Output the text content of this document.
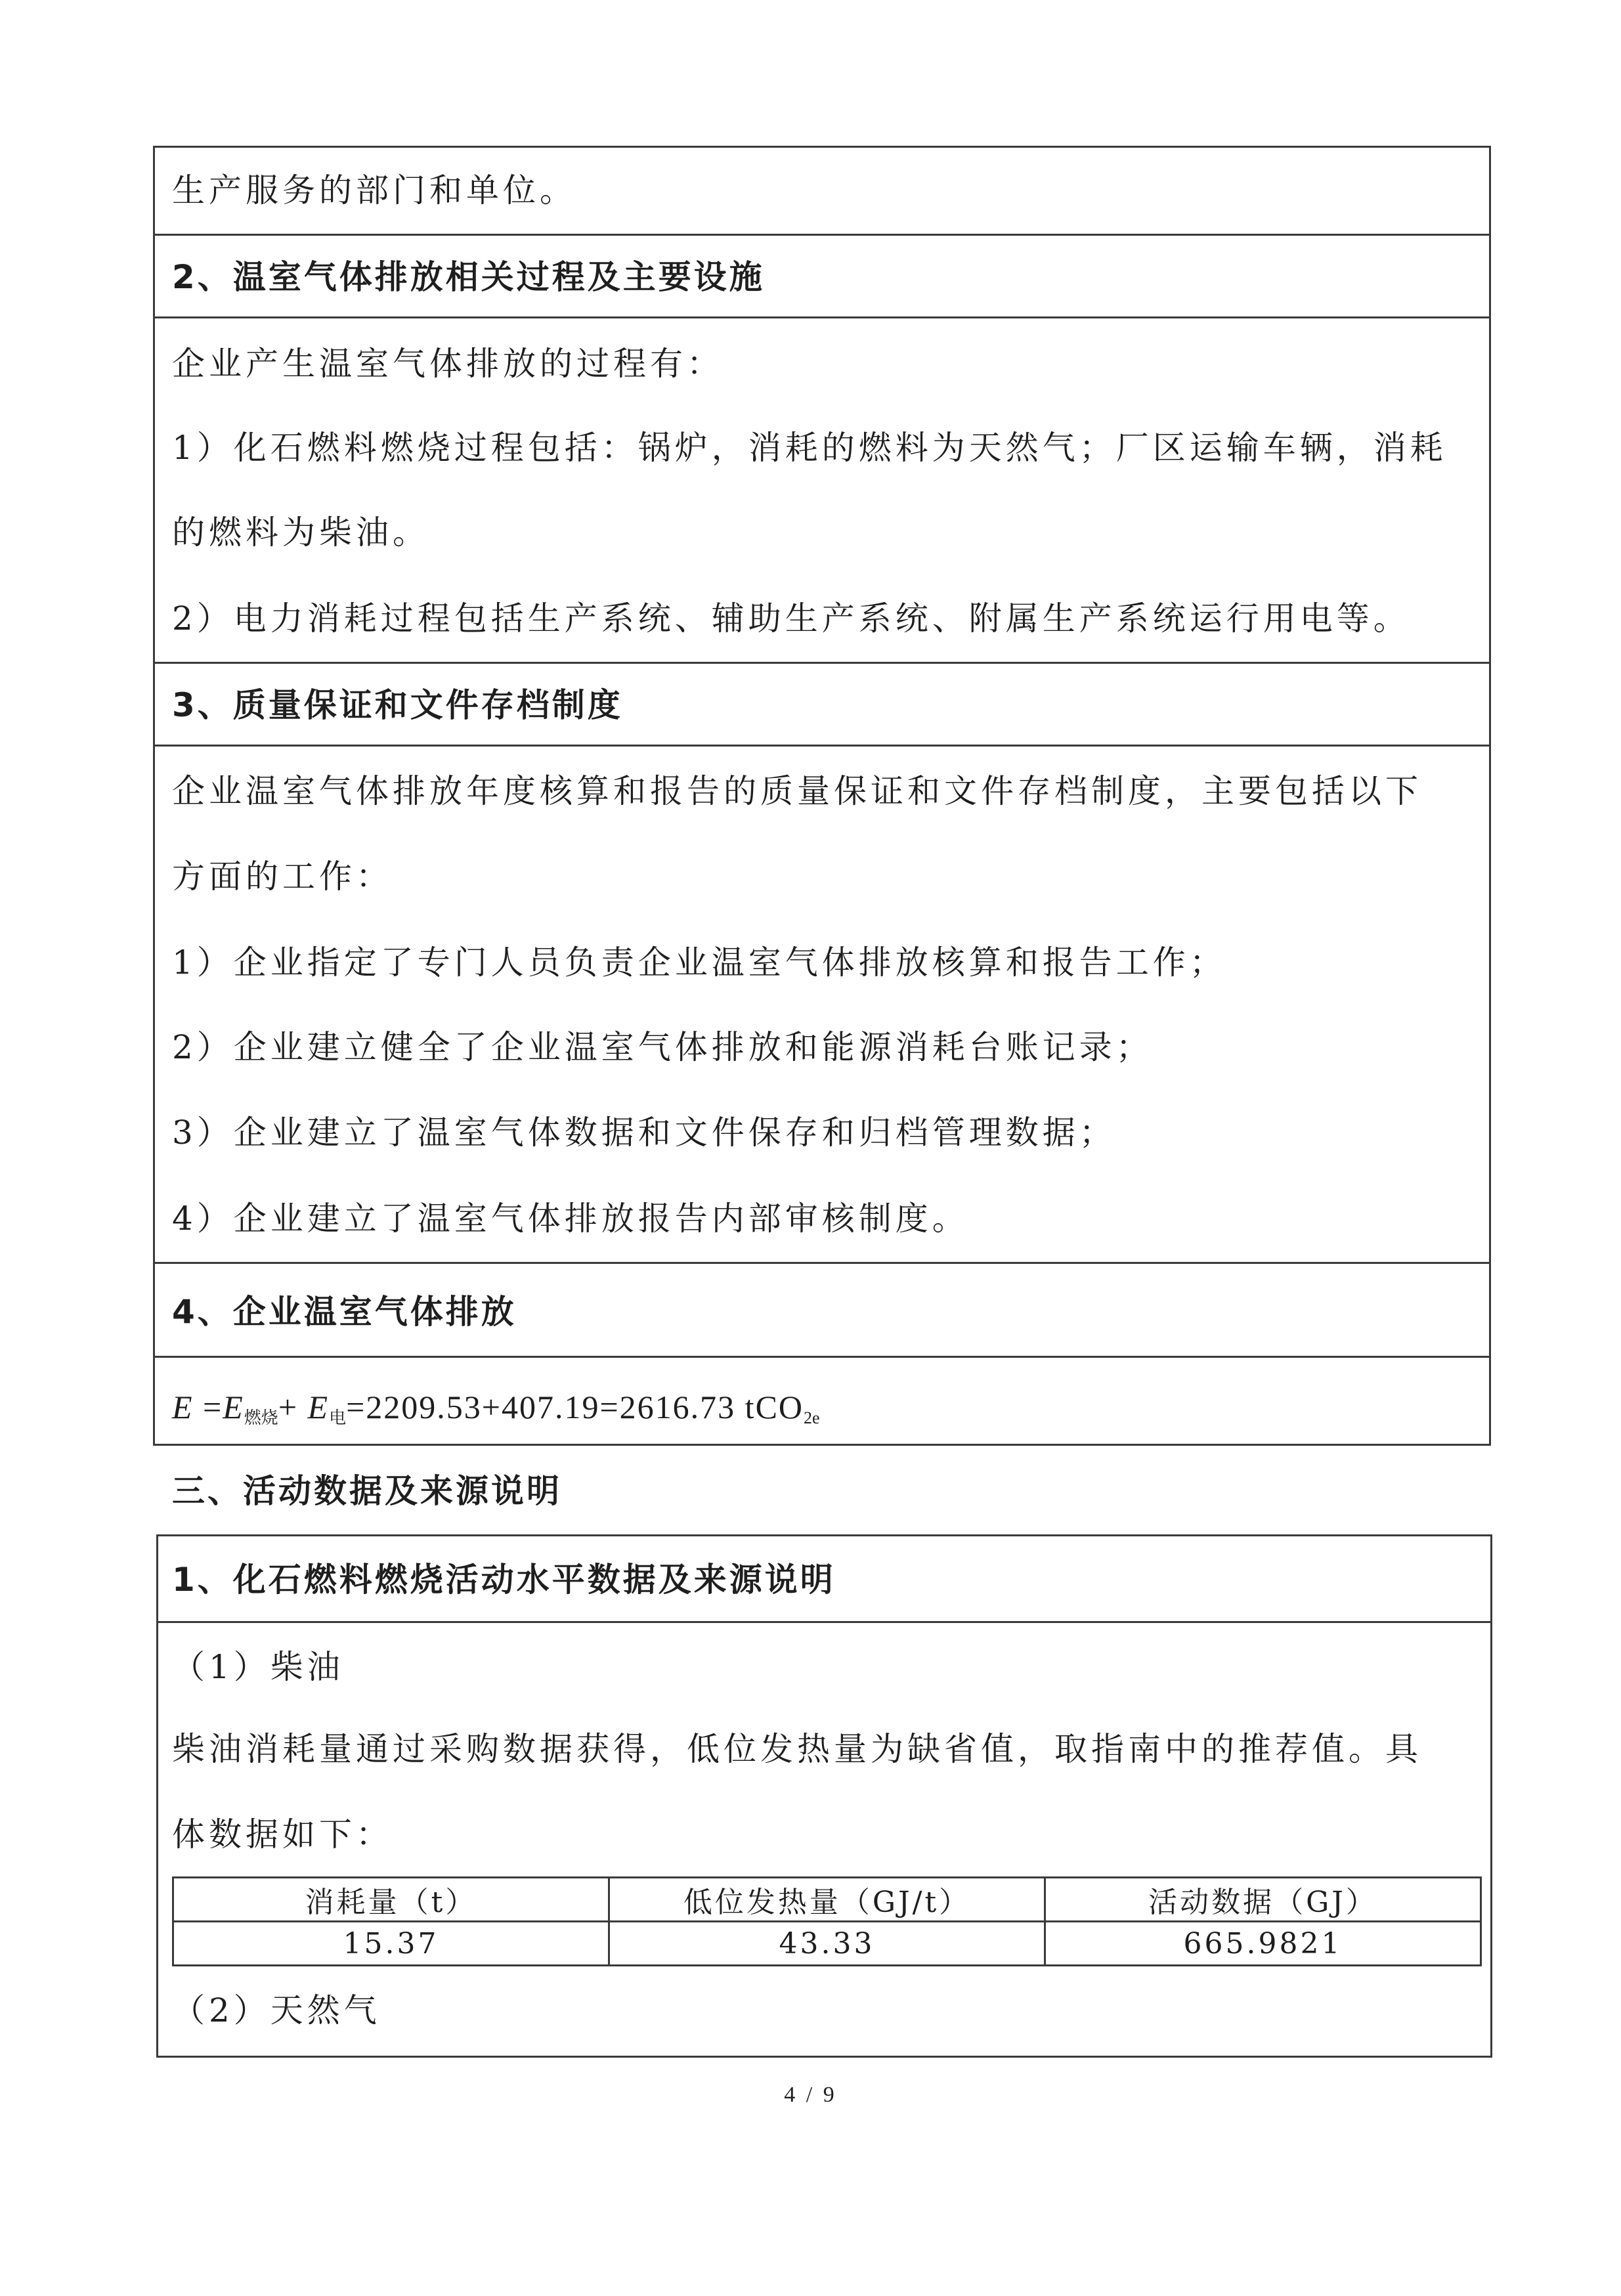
生产服务的部门和单位。
2、温室气体排放相关过程及主要设施
企业产生温室气体排放的过程有：
1）化石燃料燃烧过程包括：锅炉，消耗的燃料为天然气；厂区运输车辆，消耗
的燃料为柴油。
2）电力消耗过程包括生产系统、辅助生产系统、附属生产系统运行用电等。
3、质量保证和文件存档制度
企业温室气体排放年度核算和报告的质量保证和文件存档制度，主要包括以下
方面的工作：
1）企业指定了专门人员负责企业温室气体排放核算和报告工作；
2）企业建立健全了企业温室气体排放和能源消耗台账记录；
3）企业建立了温室气体数据和文件保存和归档管理数据；
4）企业建立了温室气体排放报告内部审核制度。
4、企业温室气体排放
$E =E_{燃烧}+ E_电=2209.53+407.19=2616.73$ tCO$_{2e}$
三、活动数据及来源说明
1、化石燃料燃烧活动水平数据及来源说明
（1）柴油
柴油消耗量通过采购数据获得，低位发热量为缺省值，取指南中的推荐值。具
体数据如下：
消耗量（t）	低位发热量（GJ/t）	活动数据（GJ）
15.37	43.33	665.9821
（2）天然气
4 / 9
